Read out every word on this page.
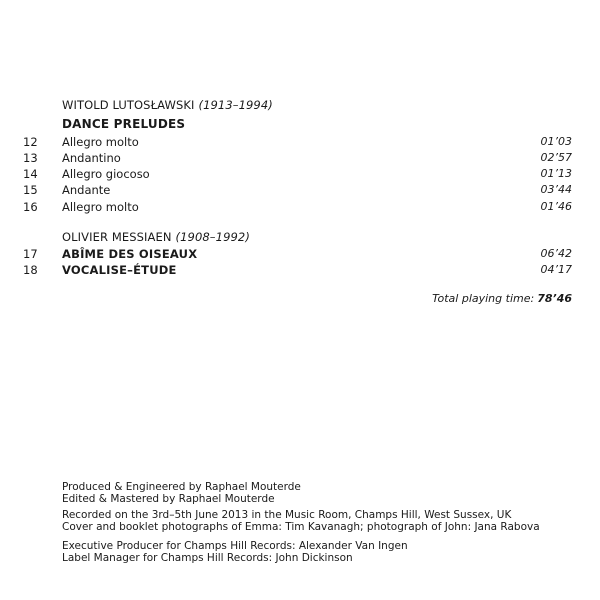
WITOLD LUTOSŁAWSKI (1913–1994)
DANCE PRELUDES
12 Allegro molto	01’03
13 Andantino	02’57
14 Allegro giocoso	01’13
15 Andante	03’44
16 Allegro molto	01’46
OLIVIER MESSIAEN (1908–1992)
17 ABÎME DES OISEAUX	06’42
18 VOCALISE–ÉTUDE	04’17
Total playing time: 78’46
Produced & Engineered by Raphael Mouterde
Edited & Mastered by Raphael Mouterde
Recorded on the 3rd–5th June 2013 in the Music Room, Champs Hill, West Sussex, UK
Cover and booklet photographs of Emma: Tim Kavanagh; photograph of John: Jana Rabova
Executive Producer for Champs Hill Records: Alexander Van Ingen
Label Manager for Champs Hill Records: John Dickinson
